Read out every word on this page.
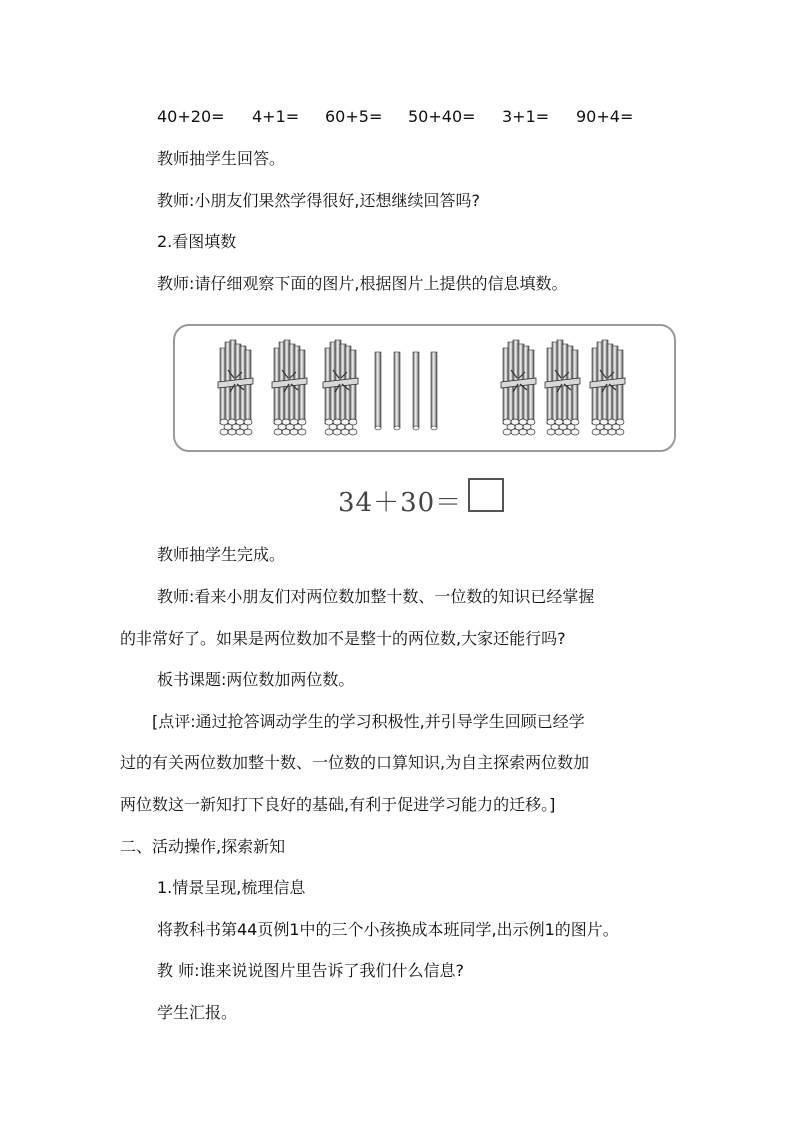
40+20= 4+1= 60+5= 50+40= 3+1= 90+4=
教师抽学生回答。
教师:小朋友们果然学得很好,还想继续回答吗?
2.看图填数
教师:请仔细观察下面的图片,根据图片上提供的信息填数。
34＋30＝
教师抽学生完成。
教师:看来小朋友们对两位数加整十数、一位数的知识已经掌握
的非常好了。如果是两位数加不是整十的两位数,大家还能行吗?
板书课题:两位数加两位数。
[点评:通过抢答调动学生的学习积极性,并引导学生回顾已经学
过的有关两位数加整十数、一位数的口算知识,为自主探索两位数加
两位数这一新知打下良好的基础,有利于促进学习能力的迁移。]
二、活动操作,探索新知
1.情景呈现,梳理信息
将教科书第44页例1中的三个小孩换成本班同学,出示例1的图片。
教 师:谁来说说图片里告诉了我们什么信息?
学生汇报。
